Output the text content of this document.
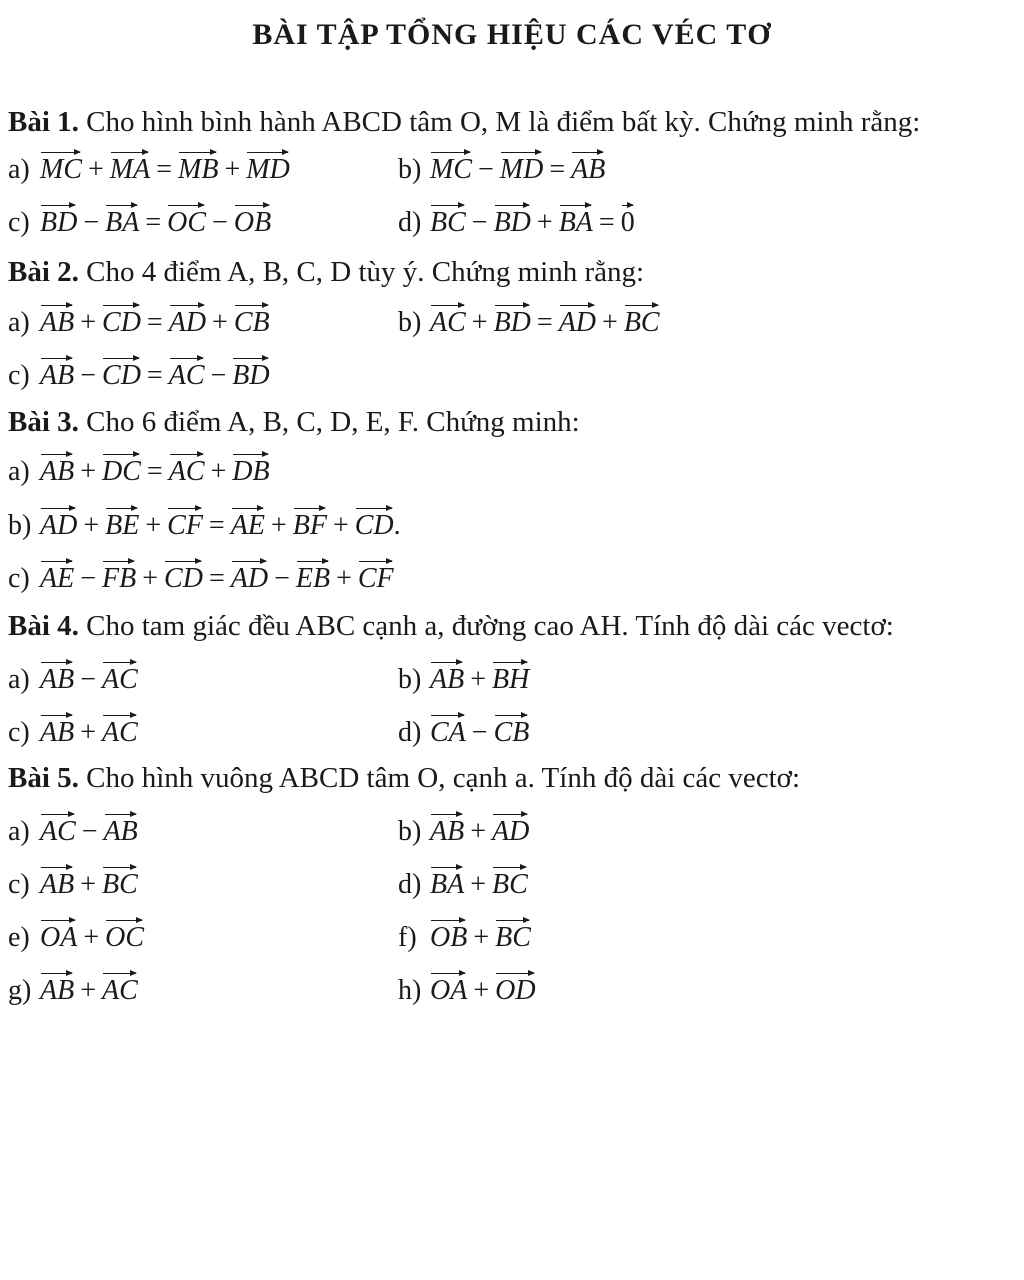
BÀI TẬP TỔNG HIỆU CÁC VÉC TƠ
Bài 1. Cho hình bình hành ABCD tâm O, M là điểm bất kỳ. Chứng minh rằng:
a) MC + MA = MB + MD	b) MC − MD = AB
c) BD − BA = OC − OB	d) BC − BD + BA = 0
Bài 2. Cho 4 điểm A, B, C, D tùy ý. Chứng minh rằng:
a) AB + CD = AD + CB	b) AC + BD = AD + BC
c) AB − CD = AC − BD
Bài 3. Cho 6 điểm A, B, C, D, E, F. Chứng minh:
a) AB + DC = AC + DB
b) AD + BE + CF = AE + BF + CD.
c) AE − FB + CD = AD − EB + CF
Bài 4. Cho tam giác đều ABC cạnh a, đường cao AH. Tính độ dài các vectơ:
a) AB − AC	b) AB + BH
c) AB + AC	d) CA − CB
Bài 5. Cho hình vuông ABCD tâm O, cạnh a. Tính độ dài các vectơ:
a) AC − AB	b) AB + AD
c) AB + BC	d) BA + BC
e) OA + OC	f) OB + BC
g) AB + AC	h) OA + OD
